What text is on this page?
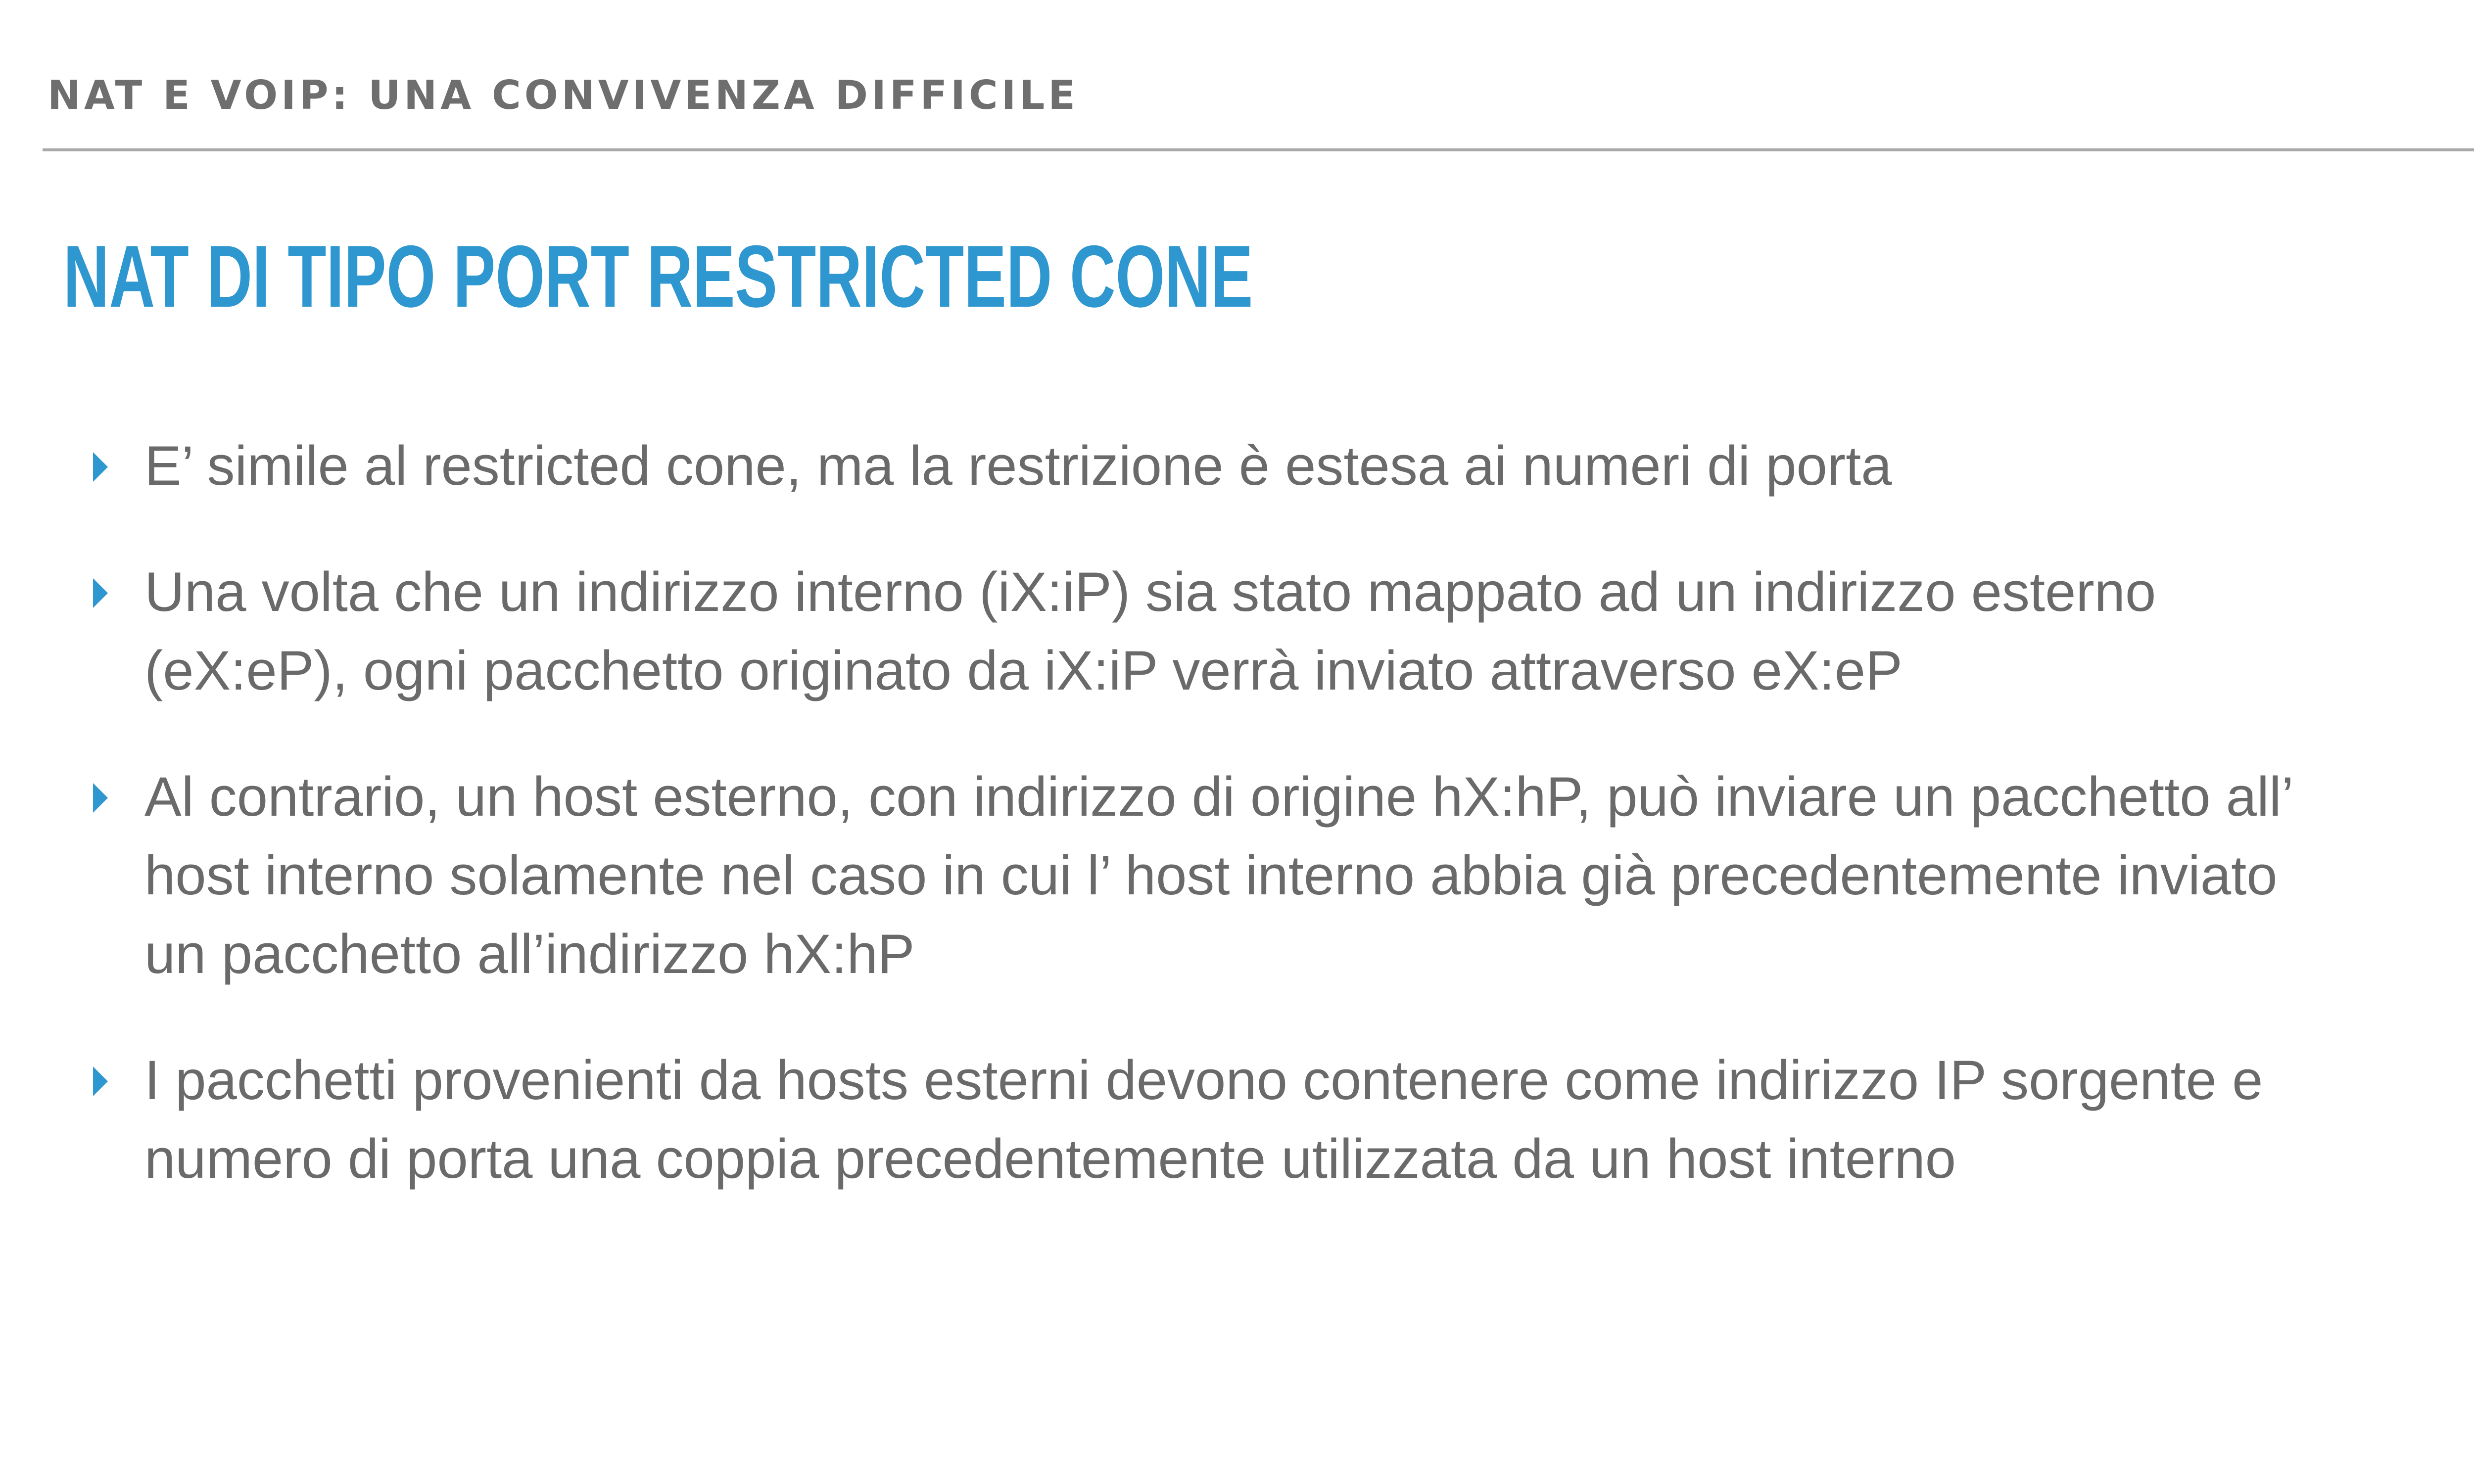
NAT E VOIP: UNA CONVIVENZA DIFFICILE
NAT DI TIPO PORT RESTRICTED CONE
E’ simile al restricted cone, ma la restrizione è estesa ai numeri di porta
Una volta che un indirizzo interno (iX:iP) sia stato mappato ad un indirizzo esterno (eX:eP), ogni pacchetto originato da iX:iP verrà inviato attraverso eX:eP
Al contrario, un host esterno, con indirizzo di origine hX:hP, può inviare un pacchetto all’ host interno solamente nel caso in cui l’ host interno abbia già precedentemente inviato un pacchetto all’indirizzo hX:hP
I pacchetti provenienti da hosts esterni devono contenere come indirizzo IP sorgente e numero di porta una coppia precedentemente utilizzata da un host interno
